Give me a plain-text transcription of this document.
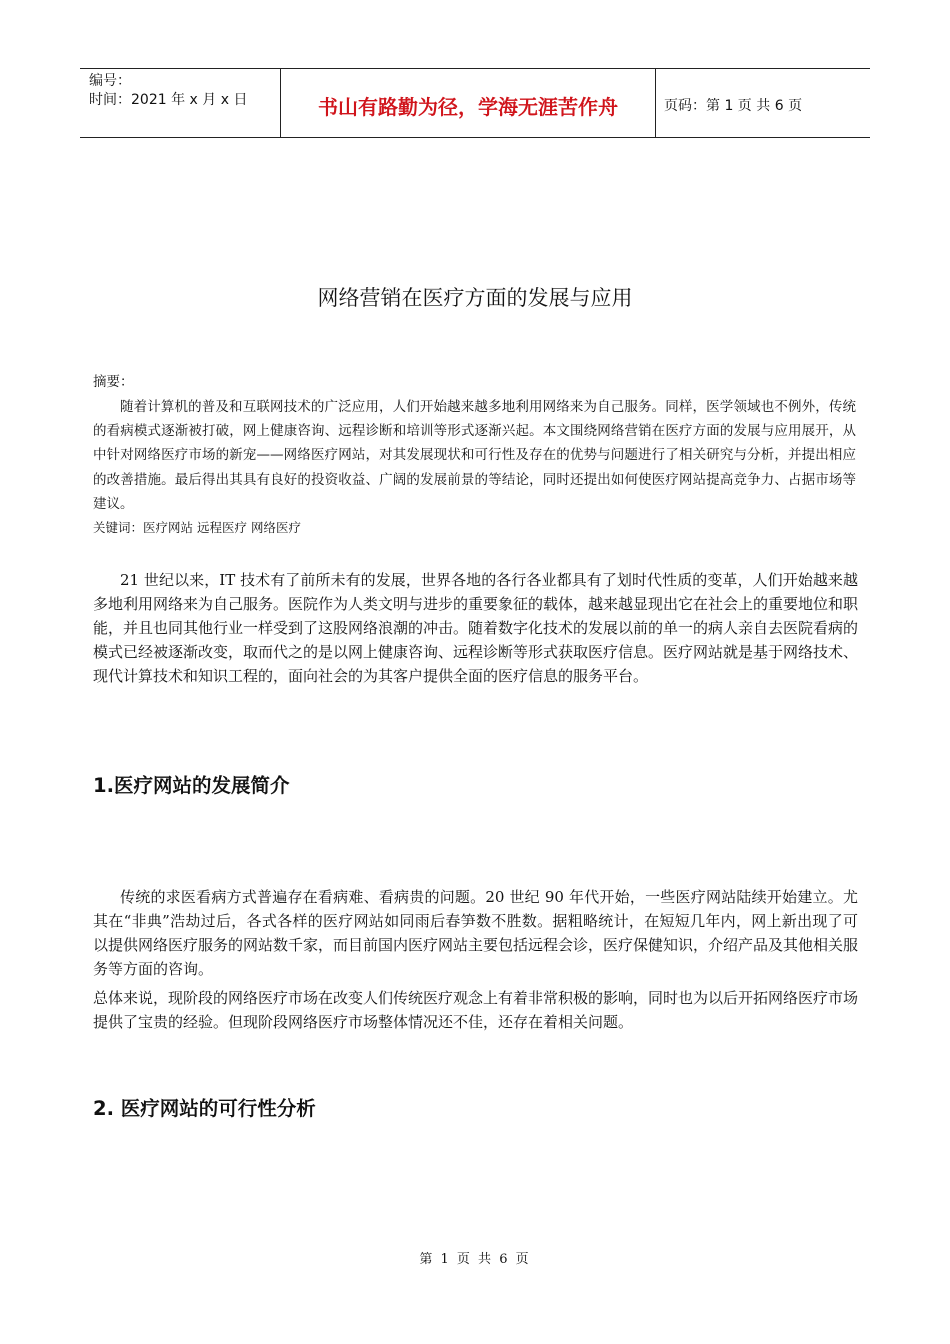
编号：
时间：2021 年 x 月 x 日	书山有路勤为径，学海无涯苦作舟	页码：第 1 页 共 6 页
网络营销在医疗方面的发展与应用
摘要：
随着计算机的普及和互联网技术的广泛应用，人们开始越来越多地利用网络来为自己服务。同样，医学领域也不例外，传统的看病模式逐渐被打破，网上健康咨询、远程诊断和培训等形式逐渐兴起。本文围绕网络营销在医疗方面的发展与应用展开，从中针对网络医疗市场的新宠——网络医疗网站，对其发展现状和可行性及存在的优势与问题进行了相关研究与分析，并提出相应的改善措施。最后得出其具有良好的投资收益、广阔的发展前景的等结论，同时还提出如何使医疗网站提高竞争力、占据市场等建议。
关键词：医疗网站 远程医疗 网络医疗
21 世纪以来，IT 技术有了前所未有的发展，世界各地的各行各业都具有了划时代性质的变革，人们开始越来越多地利用网络来为自己服务。医院作为人类文明与进步的重要象征的载体，越来越显现出它在社会上的重要地位和职能，并且也同其他行业一样受到了这股网络浪潮的冲击。随着数字化技术的发展以前的单一的病人亲自去医院看病的模式已经被逐渐改变，取而代之的是以网上健康咨询、远程诊断等形式获取医疗信息。医疗网站就是基于网络技术、现代计算技术和知识工程的，面向社会的为其客户提供全面的医疗信息的服务平台。
1.医疗网站的发展简介
传统的求医看病方式普遍存在看病难、看病贵的问题。20 世纪 90 年代开始，一些医疗网站陆续开始建立。尤其在“非典”浩劫过后，各式各样的医疗网站如同雨后春笋数不胜数。据粗略统计，在短短几年内，网上新出现了可以提供网络医疗服务的网站数千家，而目前国内医疗网站主要包括远程会诊，医疗保健知识，介绍产品及其他相关服务等方面的咨询。
总体来说，现阶段的网络医疗市场在改变人们传统医疗观念上有着非常积极的影响，同时也为以后开拓网络医疗市场提供了宝贵的经验。但现阶段网络医疗市场整体情况还不佳，还存在着相关问题。
2. 医疗网站的可行性分析
第 1 页 共 6 页
